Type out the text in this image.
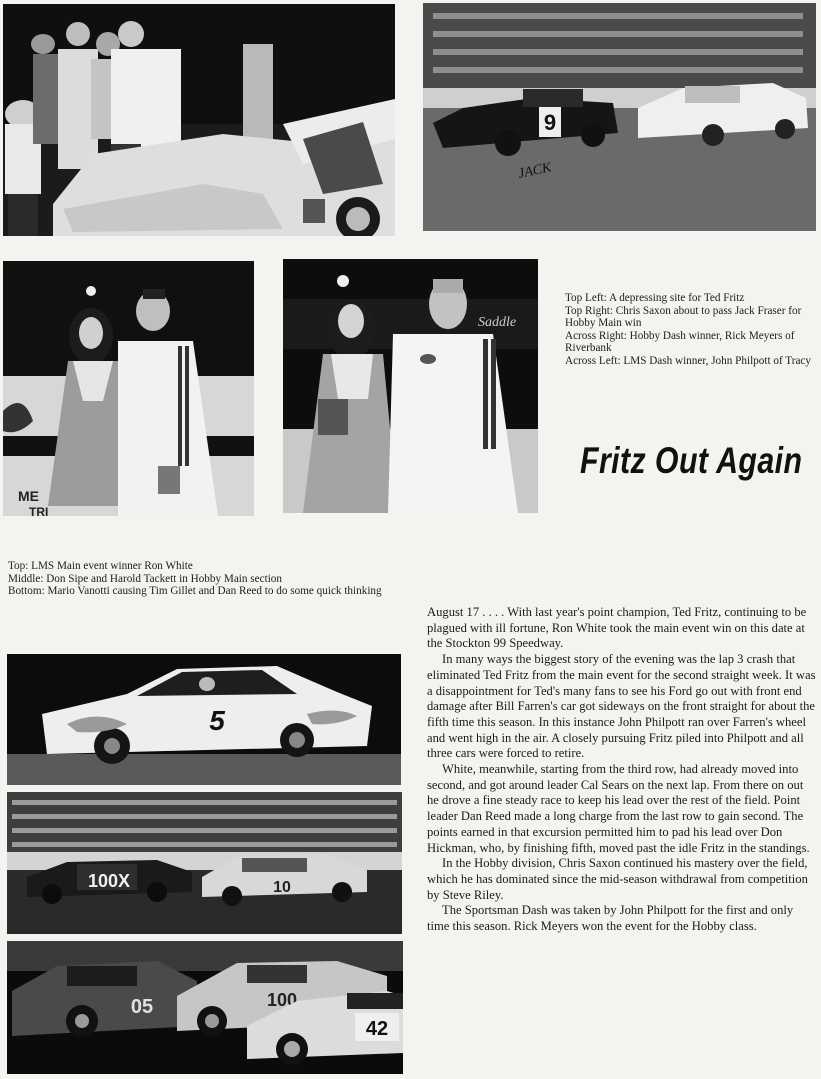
9
JACK
ME
TRI
Saddle
Top Left: A depressing site for Ted Fritz
Top Right: Chris Saxon about to pass Jack Fraser for Hobby Main win
Across Right: Hobby Dash winner, Rick Meyers of Riverbank
Across Left: LMS Dash winner, John Philpott of Tracy
Fritz Out Again
Top: LMS Main event winner Ron White
Middle: Don Sipe and Harold Tackett in Hobby Main section
Bottom: Mario Vanotti causing Tim Gillet and Dan Reed to do some quick thinking
5
100X	10
05	100
42

August 17 . . . . With last year's point champion, Ted Fritz, continuing to be plagued with ill fortune, Ron White took the main event win on this date at the Stockton 99 Speedway.

In many ways the biggest story of the evening was the lap 3 crash that eliminated Ted Fritz from the main event for the second straight week. It was a disappointment for Ted's many fans to see his Ford go out with front end damage after Bill Farren's car got sideways on the front straight for about the fifth time this season. In this instance John Philpott ran over Farren's wheel and went high in the air. A closely pursuing Fritz piled into Philpott and all three cars were forced to retire.

White, meanwhile, starting from the third row, had already moved into second, and got around leader Cal Sears on the next lap. From there on out he drove a fine steady race to keep his lead over the rest of the field. Point leader Dan Reed made a long charge from the last row to gain second. The points earned in that excursion permitted him to pad his lead over Don Hickman, who, by finishing fifth, moved past the idle Fritz in the standings.

In the Hobby division, Chris Saxon continued his mastery over the field, which he has dominated since the mid-season withdrawal from competition by Steve Riley.

The Sportsman Dash was taken by John Philpott for the first and only time this season. Rick Meyers won the event for the Hobby class.
